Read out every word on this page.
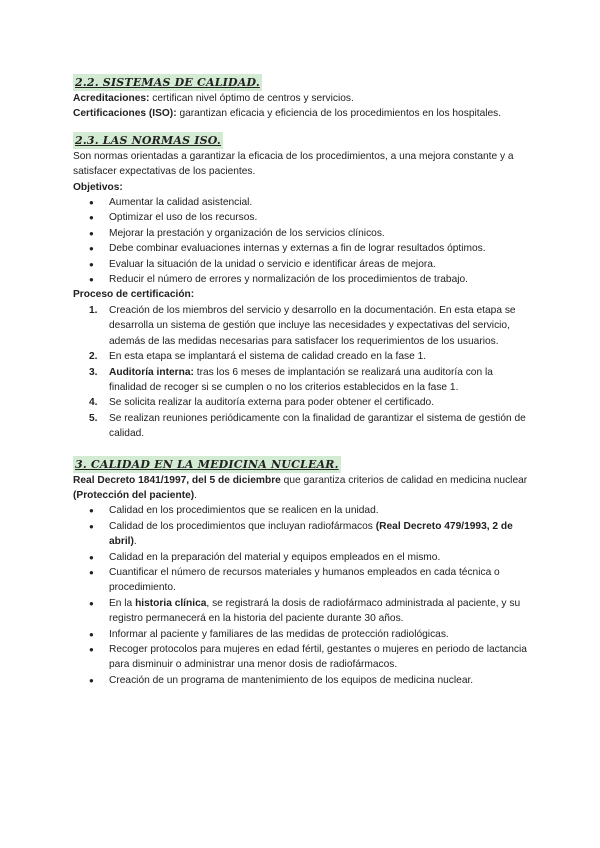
2.2. SISTEMAS DE CALIDAD.
Acreditaciones: certifican nivel óptimo de centros y servicios.
Certificaciones (ISO): garantizan eficacia y eficiencia de los procedimientos en los hospitales.
2.3. LAS NORMAS ISO.
Son normas orientadas a garantizar la eficacia de los procedimientos, a una mejora constante y a satisfacer expectativas de los pacientes.
Objetivos:
● Aumentar la calidad asistencial.
● Optimizar el uso de los recursos.
● Mejorar la prestación y organización de los servicios clínicos.
● Debe combinar evaluaciones internas y externas a fin de lograr resultados óptimos.
● Evaluar la situación de la unidad o servicio e identificar áreas de mejora.
● Reducir el número de errores y normalización de los procedimientos de trabajo.
Proceso de certificación:
1. Creación de los miembros del servicio y desarrollo en la documentación. En esta etapa se desarrolla un sistema de gestión que incluye las necesidades y expectativas del servicio, además de las medidas necesarias para satisfacer los requerimientos de los usuarios.
2. En esta etapa se implantará el sistema de calidad creado en la fase 1.
3. Auditoría interna: tras los 6 meses de implantación se realizará una auditoría con la finalidad de recoger si se cumplen o no los criterios establecidos en la fase 1.
4. Se solicita realizar la auditoría externa para poder obtener el certificado.
5. Se realizan reuniones periódicamente con la finalidad de garantizar el sistema de gestión de calidad.
3. CALIDAD EN LA MEDICINA NUCLEAR.
Real Decreto 1841/1997, del 5 de diciembre que garantiza criterios de calidad en medicina nuclear (Protección del paciente).
● Calidad en los procedimientos que se realicen en la unidad.
● Calidad de los procedimientos que incluyan radiofármacos (Real Decreto 479/1993, 2 de abril).
● Calidad en la preparación del material y equipos empleados en el mismo.
● Cuantificar el número de recursos materiales y humanos empleados en cada técnica o procedimiento.
● En la historia clínica, se registrará la dosis de radiofármaco administrada al paciente, y su registro permanecerá en la historia del paciente durante 30 años.
● Informar al paciente y familiares de las medidas de protección radiológicas.
● Recoger protocolos para mujeres en edad fértil, gestantes o mujeres en periodo de lactancia para disminuir o administrar una menor dosis de radiofármacos.
● Creación de un programa de mantenimiento de los equipos de medicina nuclear.
